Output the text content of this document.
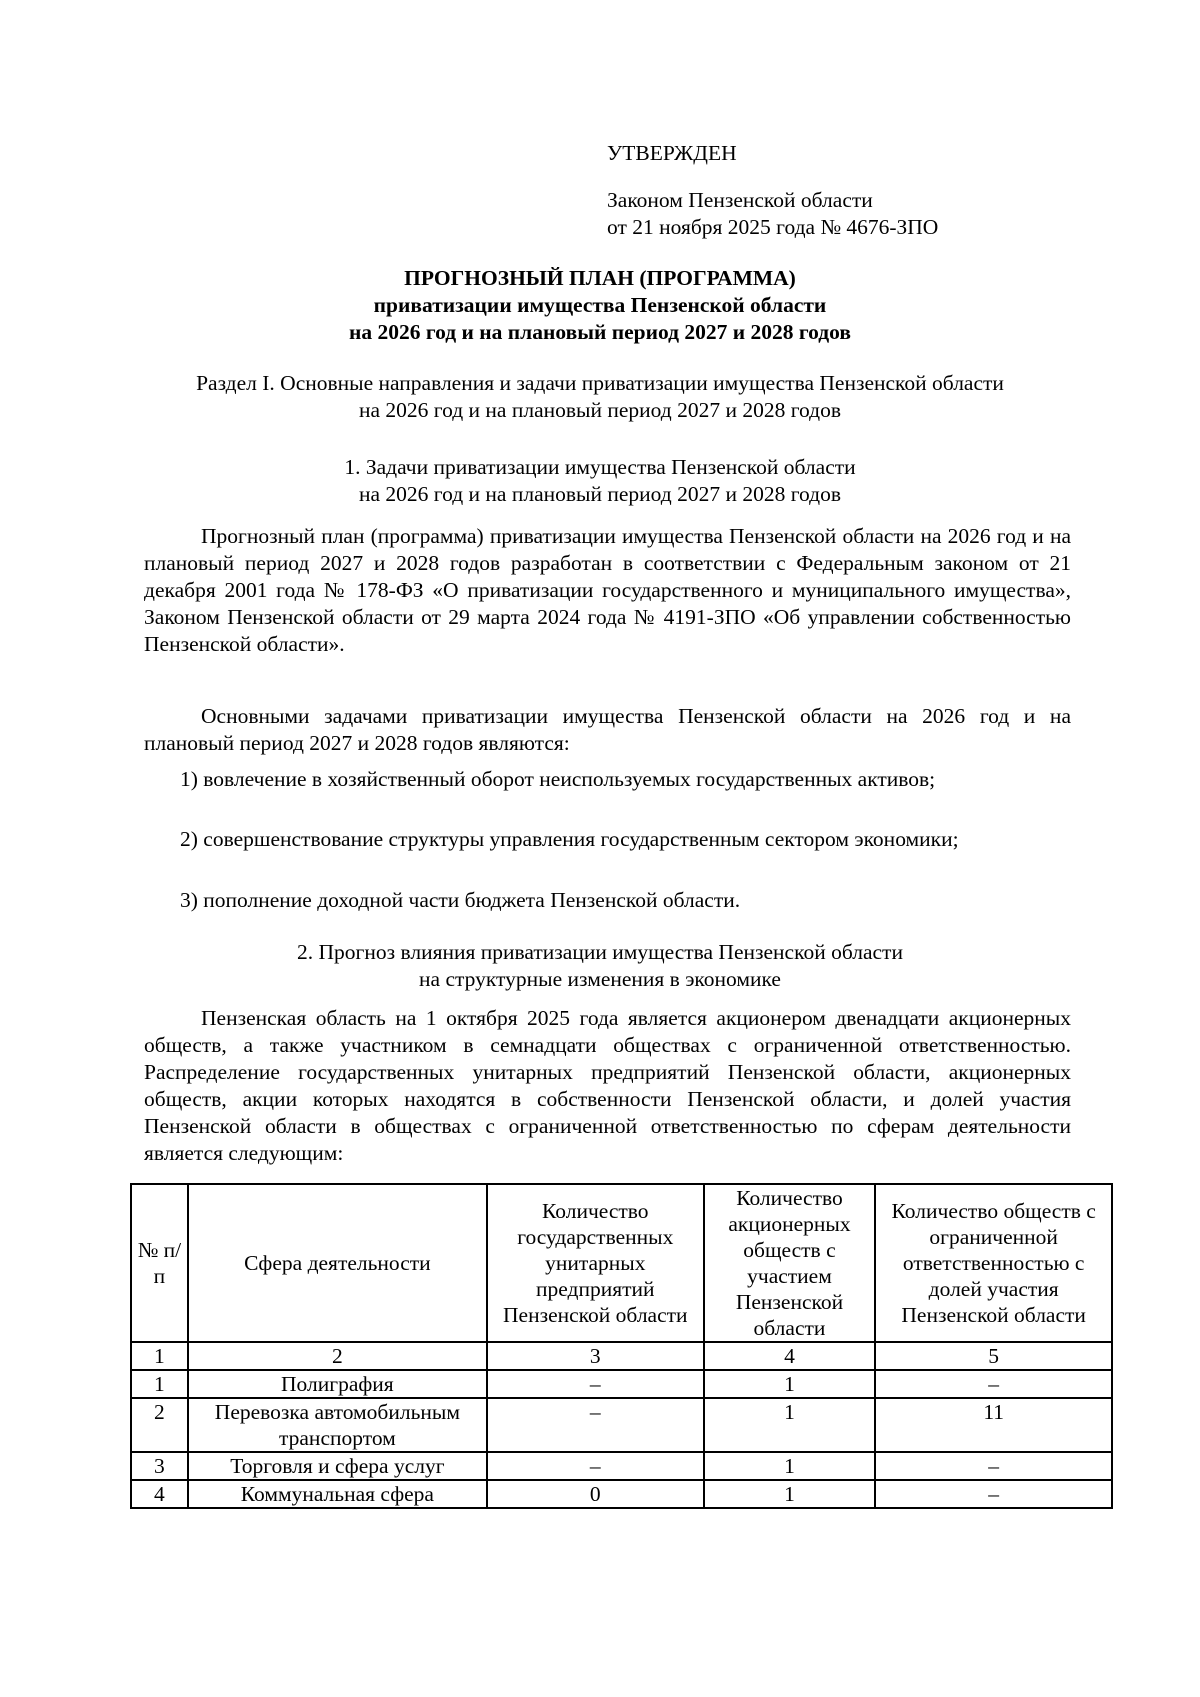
УТВЕРЖДЕН
Законом Пензенской области
от 21 ноября 2025 года № 4676-ЗПО
ПРОГНОЗНЫЙ ПЛАН (ПРОГРАММА)
приватизации имущества Пензенской области
на 2026 год и на плановый период 2027 и 2028 годов
Раздел I. Основные направления и задачи приватизации имущества Пензенской области
на 2026 год и на плановый период 2027 и 2028 годов
1. Задачи приватизации имущества Пензенской области
на 2026 год и на плановый период 2027 и 2028 годов
Прогнозный план (программа) приватизации имущества Пензенской области на 2026 год и на плановый период 2027 и 2028 годов разработан в соответствии с Федеральным законом от 21 декабря 2001 года № 178-ФЗ «О приватизации государственного и муниципального имущества», Законом Пензенской области от 29 марта 2024 года № 4191-ЗПО «Об управлении собственностью Пензенской области».
Основными задачами приватизации имущества Пензенской области на 2026 год и на плановый период 2027 и 2028 годов являются:
1) вовлечение в хозяйственный оборот неиспользуемых государственных активов;
2) совершенствование структуры управления государственным сектором экономики;
3) пополнение доходной части бюджета Пензенской области.
2. Прогноз влияния приватизации имущества Пензенской области
на структурные изменения в экономике
Пензенская область на 1 октября 2025 года является акционером двенадцати акционерных обществ, а также участником в семнадцати обществах с ограниченной ответственностью. Распределение государственных унитарных предприятий Пензенской области, акционерных обществ, акции которых находятся в собственности Пензенской области, и долей участия Пензенской области в обществах с ограниченной ответственностью по сферам деятельности является следующим:
№ п/п	Сфера деятельности	Количество государственных унитарных предприятий Пензенской области	Количество акционерных обществ с участием Пензенской области	Количество обществ с ограниченной ответственностью с долей участия Пензенской области
1	2	3	4	5
1	Полиграфия	–	1	–
2	Перевозка автомобильным транспортом	–	1	11
3	Торговля и сфера услуг	–	1	–
4	Коммунальная сфера	0	1	–
